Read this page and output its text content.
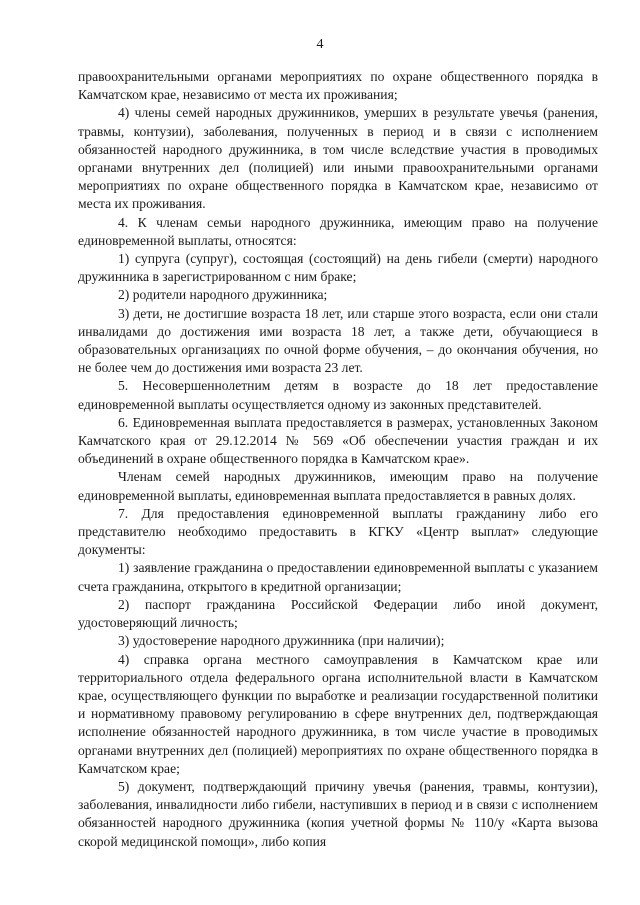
4

правоохранительными органами мероприятиях по охране общественного порядка в Камчатском крае, независимо от места их проживания;

4) члены семей народных дружинников, умерших в результате увечья (ранения, травмы, контузии), заболевания, полученных в период и в связи с исполнением обязанностей народного дружинника, в том числе вследствие участия в проводимых органами внутренних дел (полицией) или иными правоохранительными органами мероприятиях по охране общественного порядка в Камчатском крае, независимо от места их проживания.

4. К членам семьи народного дружинника, имеющим право на получение единовременной выплаты, относятся:

1) супруга (супруг), состоящая (состоящий) на день гибели (смерти) народного дружинника в зарегистрированном с ним браке;

2) родители народного дружинника;

3) дети, не достигшие возраста 18 лет, или старше этого возраста, если они стали инвалидами до достижения ими возраста 18 лет, а также дети, обучающиеся в образовательных организациях по очной форме обучения, – до окончания обучения, но не более чем до достижения ими возраста 23 лет.

5. Несовершеннолетним детям в возрасте до 18 лет предоставление единовременной выплаты осуществляется одному из законных представителей.

6. Единовременная выплата предоставляется в размерах, установленных Законом Камчатского края от 29.12.2014 № 569 «Об обеспечении участия граждан и их объединений в охране общественного порядка в Камчатском крае».

Членам семей народных дружинников, имеющим право на получение единовременной выплаты, единовременная выплата предоставляется в равных долях.

7. Для предоставления единовременной выплаты гражданину либо его представителю необходимо предоставить в КГКУ «Центр выплат» следующие документы:

1) заявление гражданина о предоставлении единовременной выплаты с указанием счета гражданина, открытого в кредитной организации;

2) паспорт гражданина Российской Федерации либо иной документ, удостоверяющий личность;

3) удостоверение народного дружинника (при наличии);

4) справка органа местного самоуправления в Камчатском крае или территориального отдела федерального органа исполнительной власти в Камчатском крае, осуществляющего функции по выработке и реализации государственной политики и нормативному правовому регулированию в сфере внутренних дел, подтверждающая исполнение обязанностей народного дружинника, в том числе участие в проводимых органами внутренних дел (полицией) мероприятиях по охране общественного порядка в Камчатском крае;

5) документ, подтверждающий причину увечья (ранения, травмы, контузии), заболевания, инвалидности либо гибели, наступивших в период и в связи с исполнением обязанностей народного дружинника (копия учетной формы № 110/у «Карта вызова скорой медицинской помощи», либо копия
